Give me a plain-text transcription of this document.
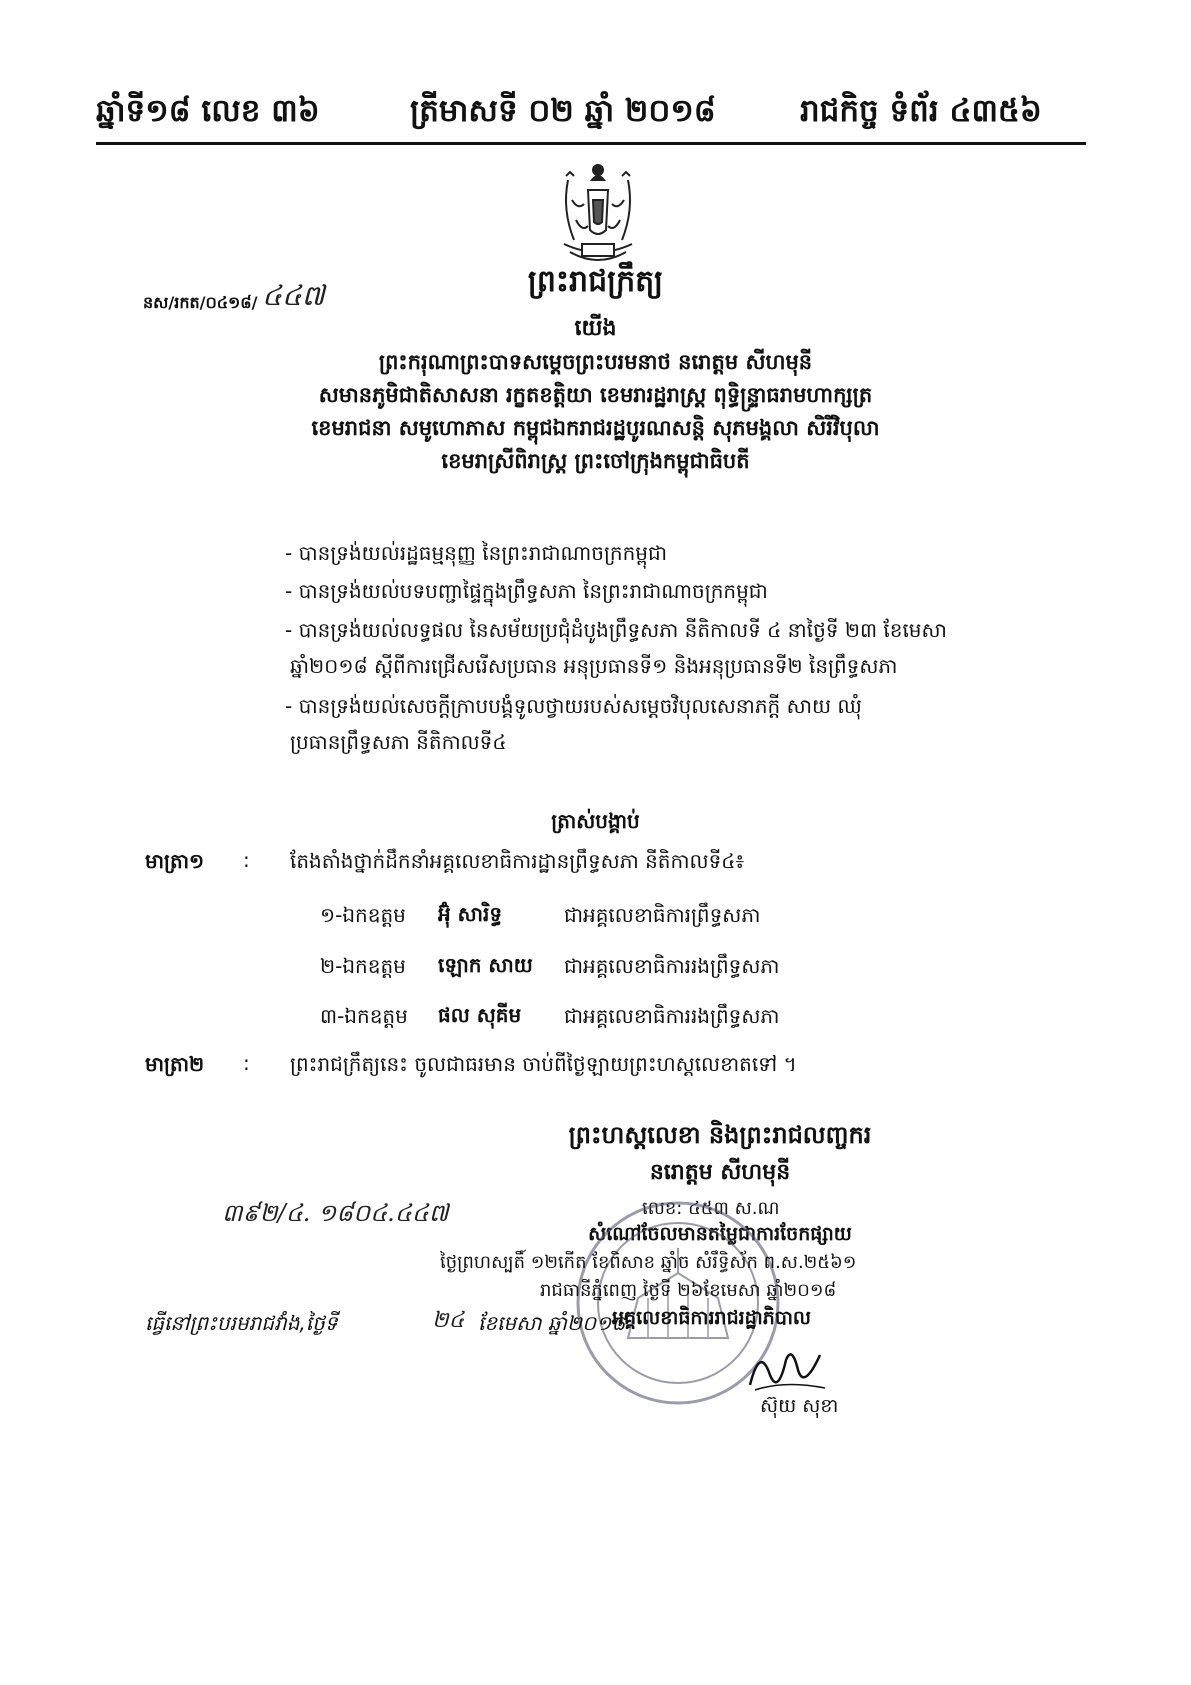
ឆ្នាំទី១៨ លេខ ៣៦	ត្រីមាសទី ០២ ឆ្នាំ ២០១៨	រាជកិច្ច ទំព័រ ៤៣៥៦
ព្រះរាជក្រឹត្យ
នស/រកត/០៤១៨/ ៤៤៧
យើង
ព្រះករុណាព្រះបាទសម្តេចព្រះបរមនាថ នរោត្តម សីហមុនី
សមានភូមិជាតិសាសនា រក្ខតខត្តិយា ខេមរារដ្ឋរាស្ត្រ ពុទ្ធិន្ទ្រាធរាមហាក្សត្រ
ខេមរាជនា សមូហោភាស កម្ពុជឯករាជរដ្ឋបូរណសន្តិ សុភមង្គលា សិរីវិបុលា
ខេមរាស្រីពិរាស្ត្រ ព្រះចៅក្រុងកម្ពុជាធិបតី
- បានទ្រង់យល់រដ្ឋធម្មនុញ្ញ នៃព្រះរាជាណាចក្រកម្ពុជា
- បានទ្រង់យល់បទបញ្ជាផ្ទៃក្នុងព្រឹទ្ធសភា នៃព្រះរាជាណាចក្រកម្ពុជា
- បានទ្រង់យល់លទ្ធផល នៃសម័យប្រជុំដំបូងព្រឹទ្ធសភា នីតិកាលទី ៤ នាថ្ងៃទី ២៣ ខែមេសា
ឆ្នាំ២០១៨ ស្តីពីការជ្រើសរើសប្រធាន អនុប្រធានទី១ និងអនុប្រធានទី២ នៃព្រឹទ្ធសភា
- បានទ្រង់យល់សេចក្តីក្រាបបង្គំទូលថ្វាយរបស់សម្តេចវិបុលសេនាភក្តី សាយ ឈុំ
ប្រធានព្រឹទ្ធសភា នីតិកាលទី៤
ត្រាស់បង្គាប់
មាត្រា១ : តែងតាំងថ្នាក់ដឹកនាំអគ្គលេខាធិការដ្ឋានព្រឹទ្ធសភា នីតិកាលទី៤៖
១-ឯកឧត្តម អ៊ុំ សារិទ្ធ	ជាអគ្គលេខាធិការព្រឹទ្ធសភា
២-ឯកឧត្តម ឡោក សាយ ជាអគ្គលេខាធិការរងព្រឹទ្ធសភា
៣-ឯកឧត្តម ផល សុគីម ជាអគ្គលេខាធិការរងព្រឹទ្ធសភា
មាត្រា២ : ព្រះរាជក្រឹត្យនេះ ចូលជាធរមាន ចាប់ពីថ្ងៃឡាយព្រះហស្តលេខាតទៅ ។
ព្រះហស្តលេខា និងព្រះរាជលញ្ចករ
នរោត្តម សីហមុនី
៣៩២/៤. ១៨០៤.៤៤៧	លេខ: ៤៥៣ ស.ណ
សំណៅចែលមានតម្លៃជាការចែកផ្សាយ
ថ្ងៃព្រហស្បតិ៍ ១២កើត ខែពិសាខ ឆ្នាំច សំរឹទ្ធិស័ក ព.ស.២៥៦១
រាជធានីភ្នំពេញ ថ្ងៃទី ២៦ខែមេសា ឆ្នាំ២០១៨
ធ្វើនៅព្រះបរមរាជវាំង,ថ្ងៃទី	២៤ ខែមេសា ឆ្នាំ២០១៨
អគ្គលេខាធិការរាជរដ្ឋាភិបាល
ស៊ុយ សុខា
